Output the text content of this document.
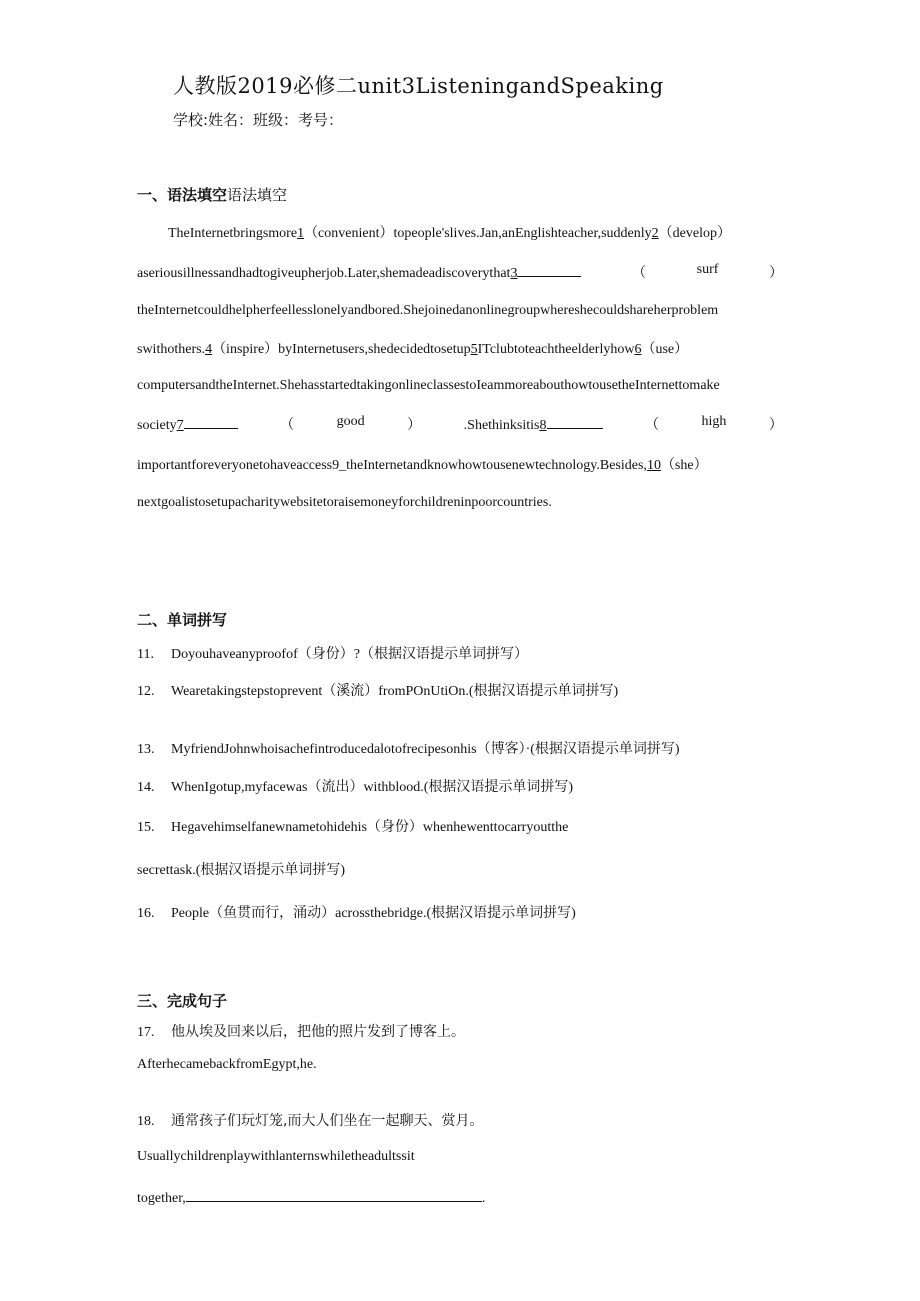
人教版2019必修二unit3ListeningandSpeaking
学校:姓名：班级：考号：
一、语法填空语法填空
TheInternetbringsmore1（convenient）topeople'slives.Jan,anEnglishteacher,suddenly2（develop）
aseriousillnessandhadtogiveupherjob.Later,shemadeadiscoverythat3	（	surf	）
theInternetcouldhelpherfeellesslonelyandbored.Shejoinedanonlinegroupwhereshecouldshareherproblem
swithothers.4（inspire）byInternetusers,shedecidedtosetup5ITclubtoteachtheelderlyhow6（use）
computersandtheInternet.ShehasstartedtakingonlineclassestoIeammoreabouthowtousetheInternettomake
society7	（	good	）	.Shethinksitis8	（	high	）
importantforeveryonetohaveaccess9_theInternetandknowhowtousenewtechnology.Besides,10（she）
nextgoalistosetupacharitywebsitetoraisemoneyforchildreninpoorcountries.
二、单词拼写
11. Doyouhaveanyproofof（身份）?（根据汉语提示单词拼写）
12. Wearetakingstepstoprevent（溪流）fromPOnUtiOn.(根据汉语提示单词拼写)
13. MyfriendJohnwhoisachefintroducedalotofrecipesonhis（博客）·(根据汉语提示单词拼写)
14. WhenIgotup,myfacewas（流出）withblood.(根据汉语提示单词拼写)
15. Hegavehimselfanewnametohidehis（身份）whenhewenttocarryoutthe
secrettask.(根据汉语提示单词拼写)
16. People（鱼贯而行，涌动）acrossthebridge.(根据汉语提示单词拼写)
三、完成句子
17. 他从埃及回来以后，把他的照片发到了博客上。
AfterhecamebackfromEgypt,he.
18. 通常孩子们玩灯笼,而大人们坐在一起聊天、赏月。
Usuallychildrenplaywithlanternswhiletheadultssit
together,	.
